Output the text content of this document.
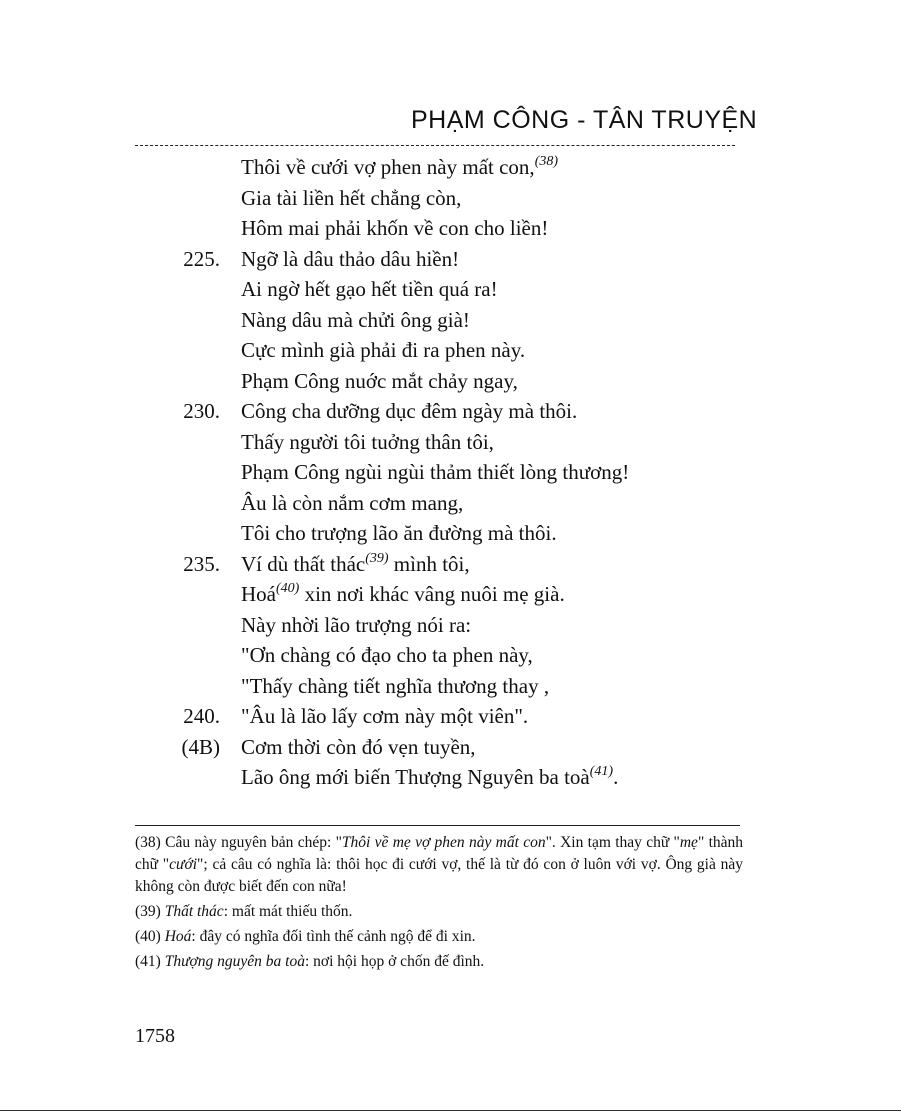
PHẠM CÔNG - TÂN TRUYỆN
Thôi về cưới vợ phen này mất con,$^{(38)}$
Gia tài liền hết chẳng còn,
Hôm mai phải khốn về con cho liền!
225. Ngỡ là dâu thảo dâu hiền!
Ai ngờ hết gạo hết tiền quá ra!
Nàng dâu mà chửi ông già!
Cực mình già phải đi ra phen này.
Phạm Công nuớc mắt chảy ngay,
230. Công cha dưỡng dục đêm ngày mà thôi.
Thấy người tôi tuởng thân tôi,
Phạm Công ngùi ngùi thảm thiết lòng thương!
Âu là còn nắm cơm mang,
Tôi cho trượng lão ăn đường mà thôi.
235. Ví dù thất thác$^{(39)}$ mình tôi,
Hoá$^{(40)}$ xin nơi khác vâng nuôi mẹ già.
Này nhời lão trượng nói ra:
"Ơn chàng có đạo cho ta phen này,
"Thấy chàng tiết nghĩa thương thay ,
240. "Âu là lão lấy cơm này một viên".
(4B) Cơm thời còn đó vẹn tuyền,
Lão ông mới biến Thượng Nguyên ba toà$^{(41)}$.

(38) Câu này nguyên bản chép: "Thôi về mẹ vợ phen này mất con". Xin tạm thay chữ "mẹ" thành chữ "cưới"; cả câu có nghĩa là: thôi học đi cưới vợ, thế là từ đó con ở luôn với vợ. Ông già này không còn được biết đến con nữa!

(39) Thất thác: mất mát thiếu thốn.

(40) Hoá: đây có nghĩa đối tình thế cảnh ngộ để đi xin.

(41) Thượng nguyên ba toà: nơi hội họp ở chốn đế đình.

1758
